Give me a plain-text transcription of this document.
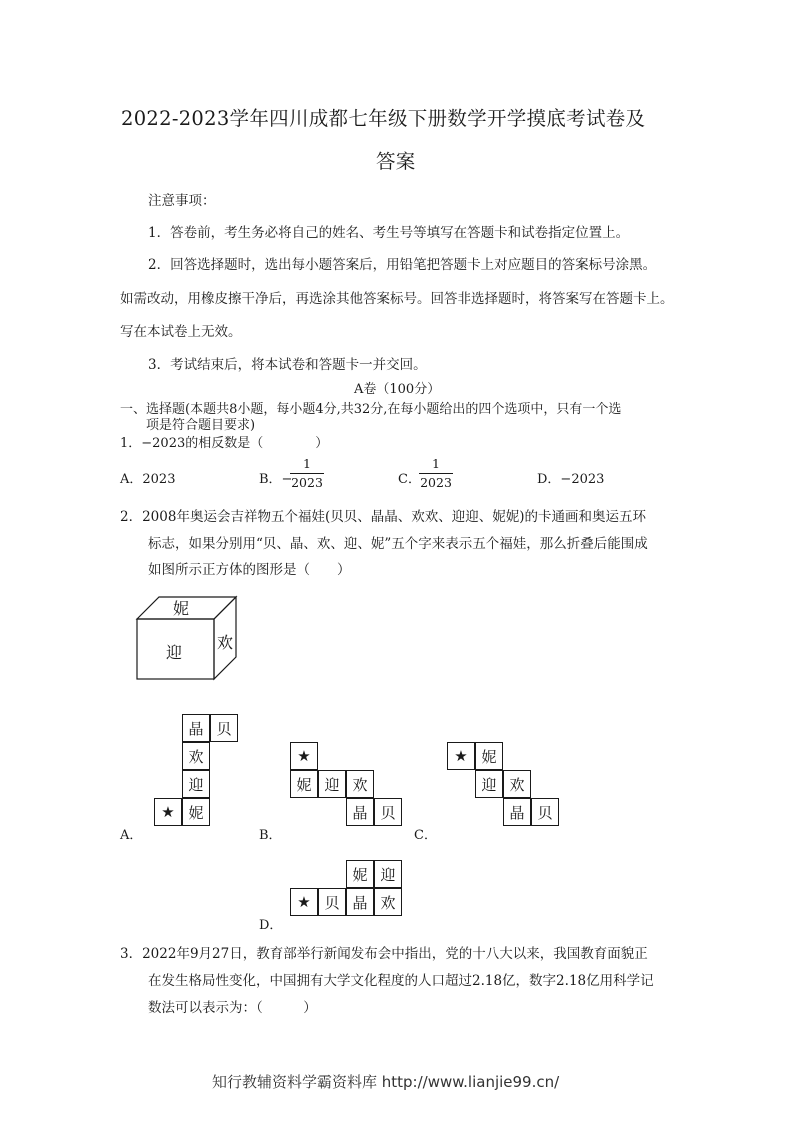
2022-2023学年四川成都七年级下册数学开学摸底考试卷及
答案
注意事项：
1．答卷前，考生务必将自己的姓名、考生号等填写在答题卡和试卷指定位置上。
2．回答选择题时，选出每小题答案后，用铅笔把答题卡上对应题目的答案标号涂黑。
如需改动，用橡皮擦干净后，再选涂其他答案标号。回答非选择题时，将答案写在答题卡上。
写在本试卷上无效。
3．考试结束后，将本试卷和答题卡一并交回。
A卷（100分）
一、选择题(本题共8小题，每小题4分,共32分,在每小题给出的四个选项中，只有一个选
项是符合题目要求)
1．−2023的相反数是（　　　　）
A．2023	B．−
1
2023	C．
1
2023	D．−2023
2．2008年奥运会吉祥物五个福娃(贝贝、晶晶、欢欢、迎迎、妮妮)的卡通画和奥运五环
标志，如果分别用“贝、晶、欢、迎、妮”五个字来表示五个福娃，那么折叠后能围成
如图所示正方体的图形是（　　）
妮
迎
欢
晶 贝
欢
迎
★ 妮
A．
★
妮 迎 欢
晶 贝
B．
★ 妮
迎 欢
晶 贝
C．
妮 迎
★ 贝 晶 欢
D．
3．2022年9月27日，教育部举行新闻发布会中指出，党的十八大以来，我国教育面貌正
在发生格局性变化，中国拥有大学文化程度的人口超过2.18亿，数字2.18亿用科学记
数法可以表示为：（　　　）
知行教辅资料学霸资料库 http://www.lianjie99.cn/
